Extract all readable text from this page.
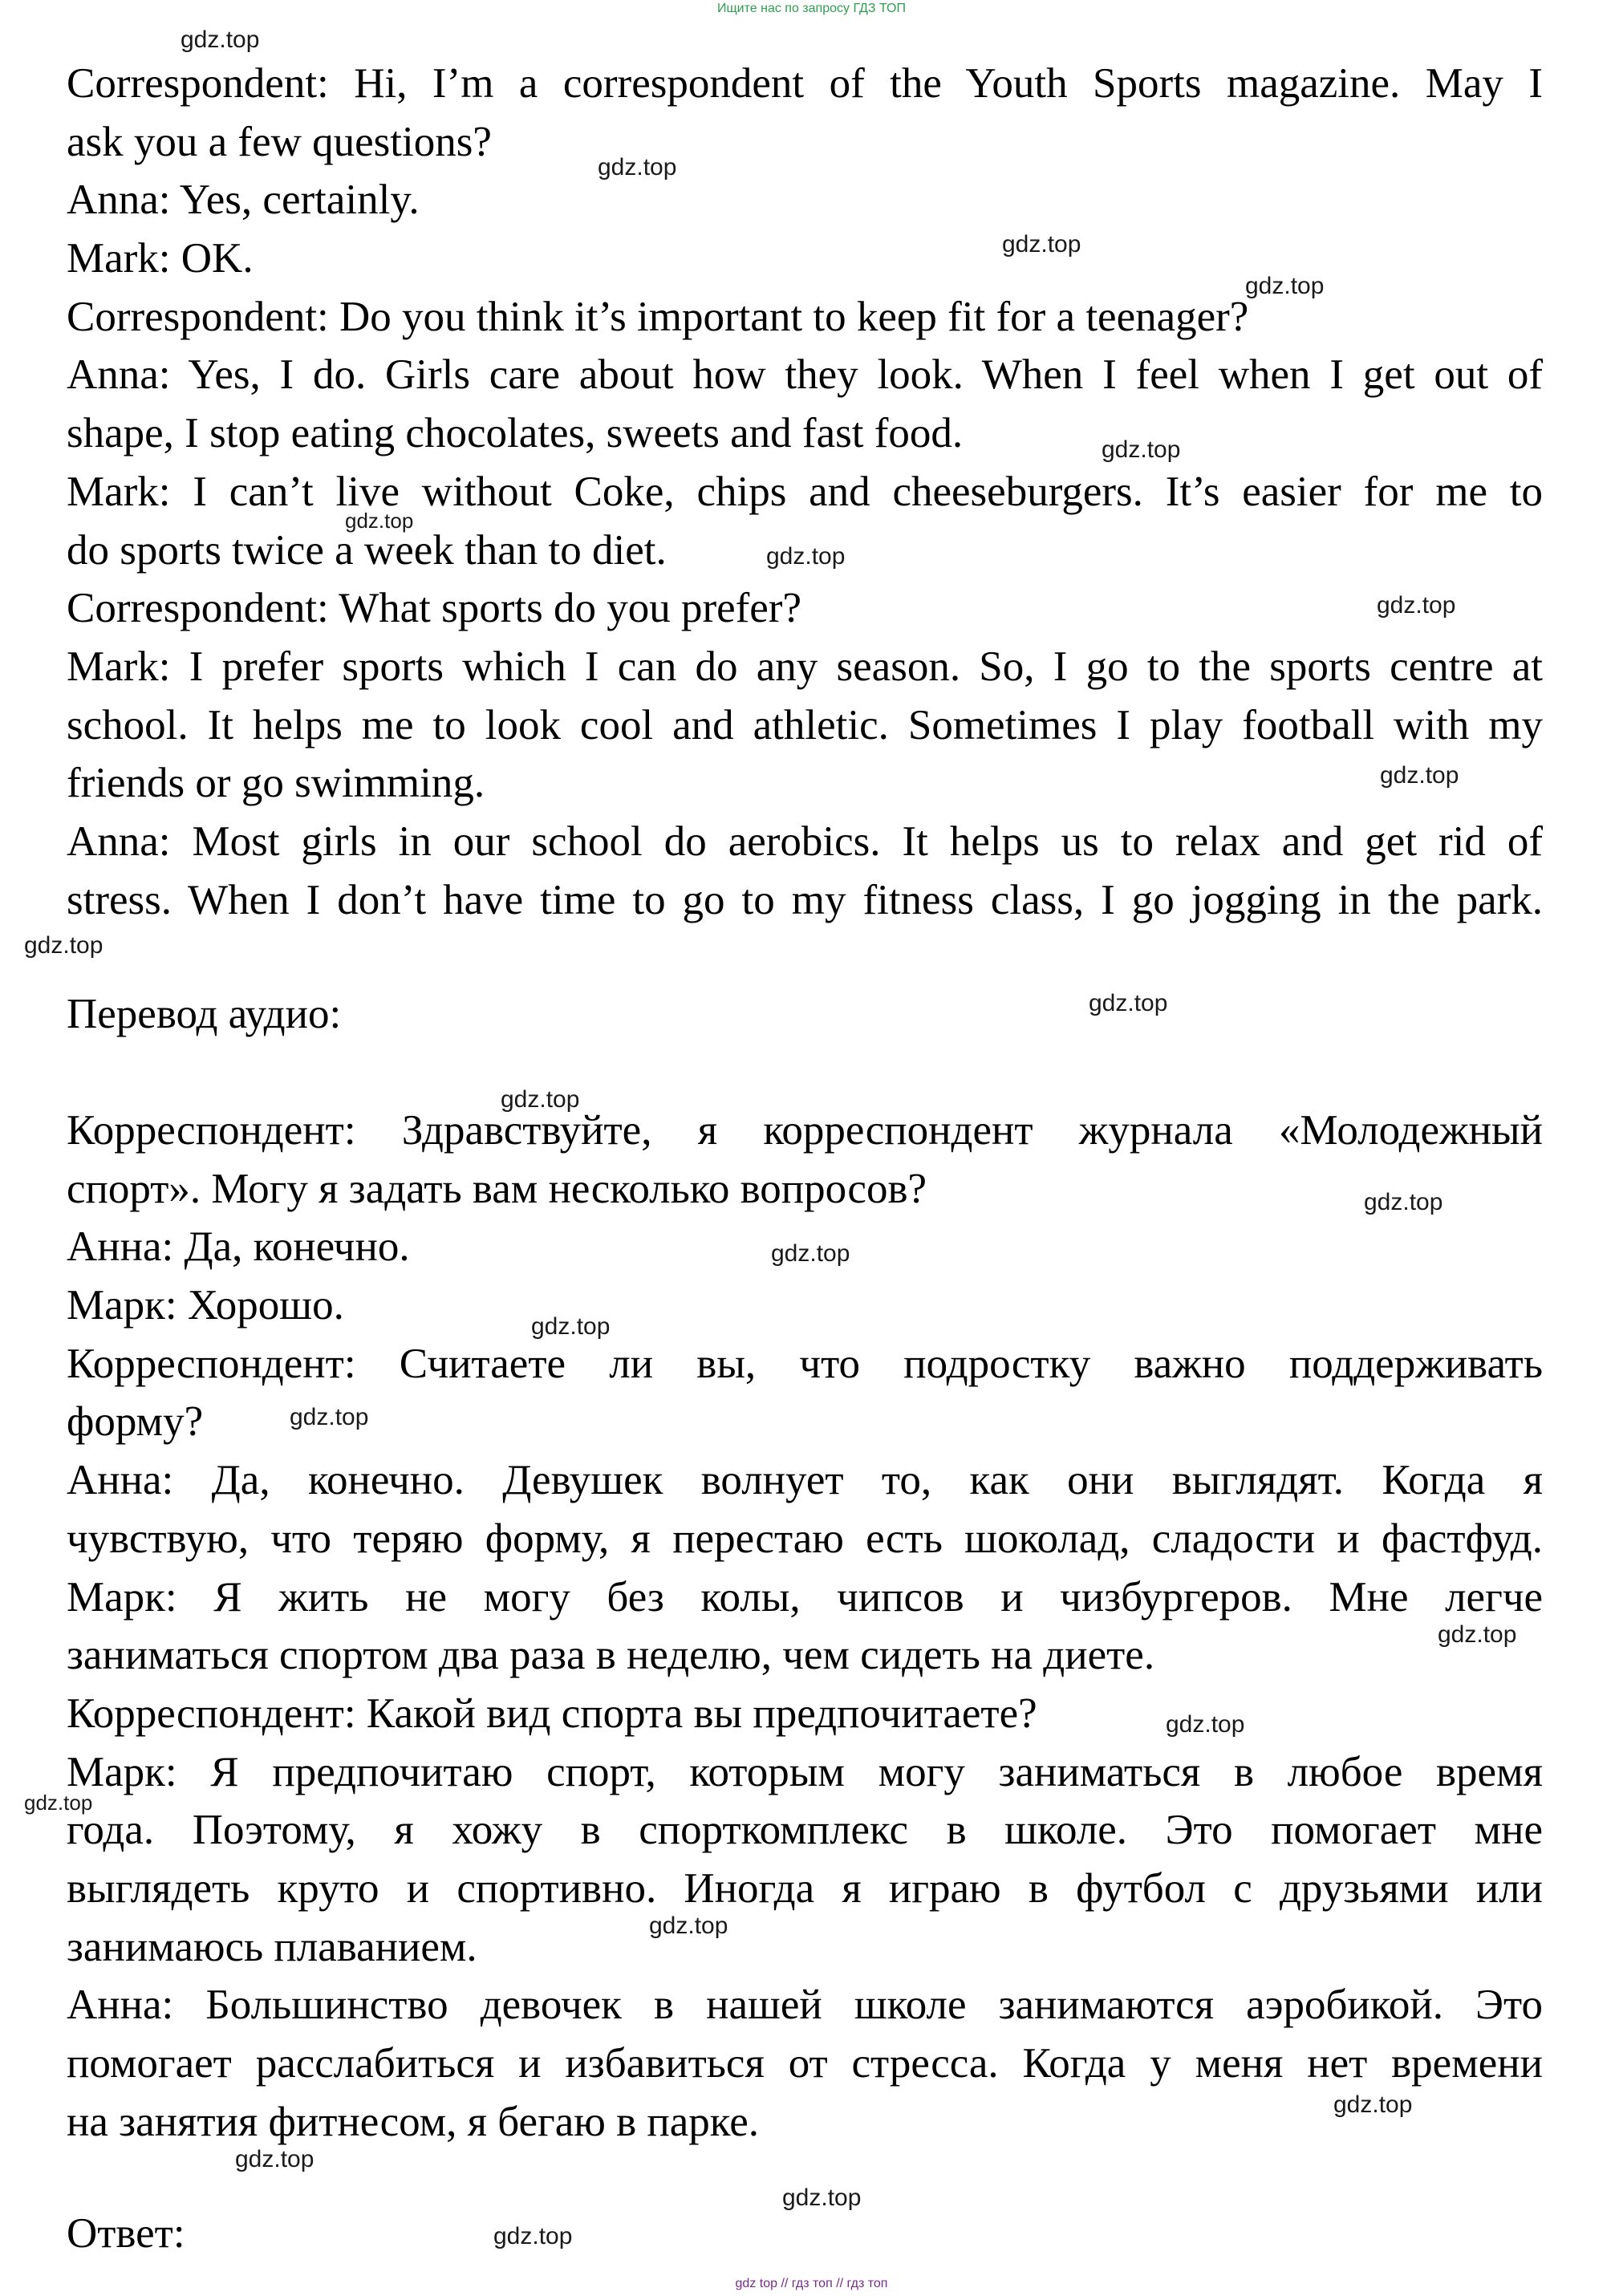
Ищите нас по запросу ГДЗ ТОП
Correspondent: Hi, I’m a correspondent of the Youth Sports magazine. May I
ask you a few questions?
Anna: Yes, certainly.
Mark: OK.
Correspondent: Do you think it’s important to keep fit for a teenager?
Anna: Yes, I do. Girls care about how they look. When I feel when I get out of
shape, I stop eating chocolates, sweets and fast food.
Mark: I can’t live without Coke, chips and cheeseburgers. It’s easier for me to
do sports twice a week than to diet.
Correspondent: What sports do you prefer?
Mark: I prefer sports which I can do any season. So, I go to the sports centre at
school. It helps me to look cool and athletic. Sometimes I play football with my
friends or go swimming.
Anna: Most girls in our school do aerobics. It helps us to relax and get rid of
stress. When I don’t have time to go to my fitness class, I go jogging in the park.
Перевод аудио:
Корреспондент: Здравствуйте, я корреспондент журнала «Молодежный
спорт». Могу я задать вам несколько вопросов?
Анна: Да, конечно.
Марк: Хорошо.
Корреспондент: Считаете ли вы, что подростку важно поддерживать
форму?
Анна: Да, конечно. Девушек волнует то, как они выглядят. Когда я
чувствую, что теряю форму, я перестаю есть шоколад, сладости и фастфуд.
Марк: Я жить не могу без колы, чипсов и чизбургеров. Мне легче
заниматься спортом два раза в неделю, чем сидеть на диете.
Корреспондент: Какой вид спорта вы предпочитаете?
Марк: Я предпочитаю спорт, которым могу заниматься в любое время
года. Поэтому, я хожу в спорткомплекс в школе. Это помогает мне
выглядеть круто и спортивно. Иногда я играю в футбол с друзьями или
занимаюсь плаванием.
Анна: Большинство девочек в нашей школе занимаются аэробикой. Это
помогает расслабиться и избавиться от стресса. Когда у меня нет времени
на занятия фитнесом, я бегаю в парке.
Ответ:
gdz.top
gdz.top
gdz.top
gdz.top
gdz.top
gdz.top
gdz.top
gdz.top
gdz.top
gdz.top
gdz.top
gdz.top
gdz.top
gdz.top
gdz.top
gdz.top
gdz.top
gdz.top
gdz.top
gdz.top
gdz.top
gdz.top
gdz.top
gdz.top
gdz top // гдз топ // гдз топ
